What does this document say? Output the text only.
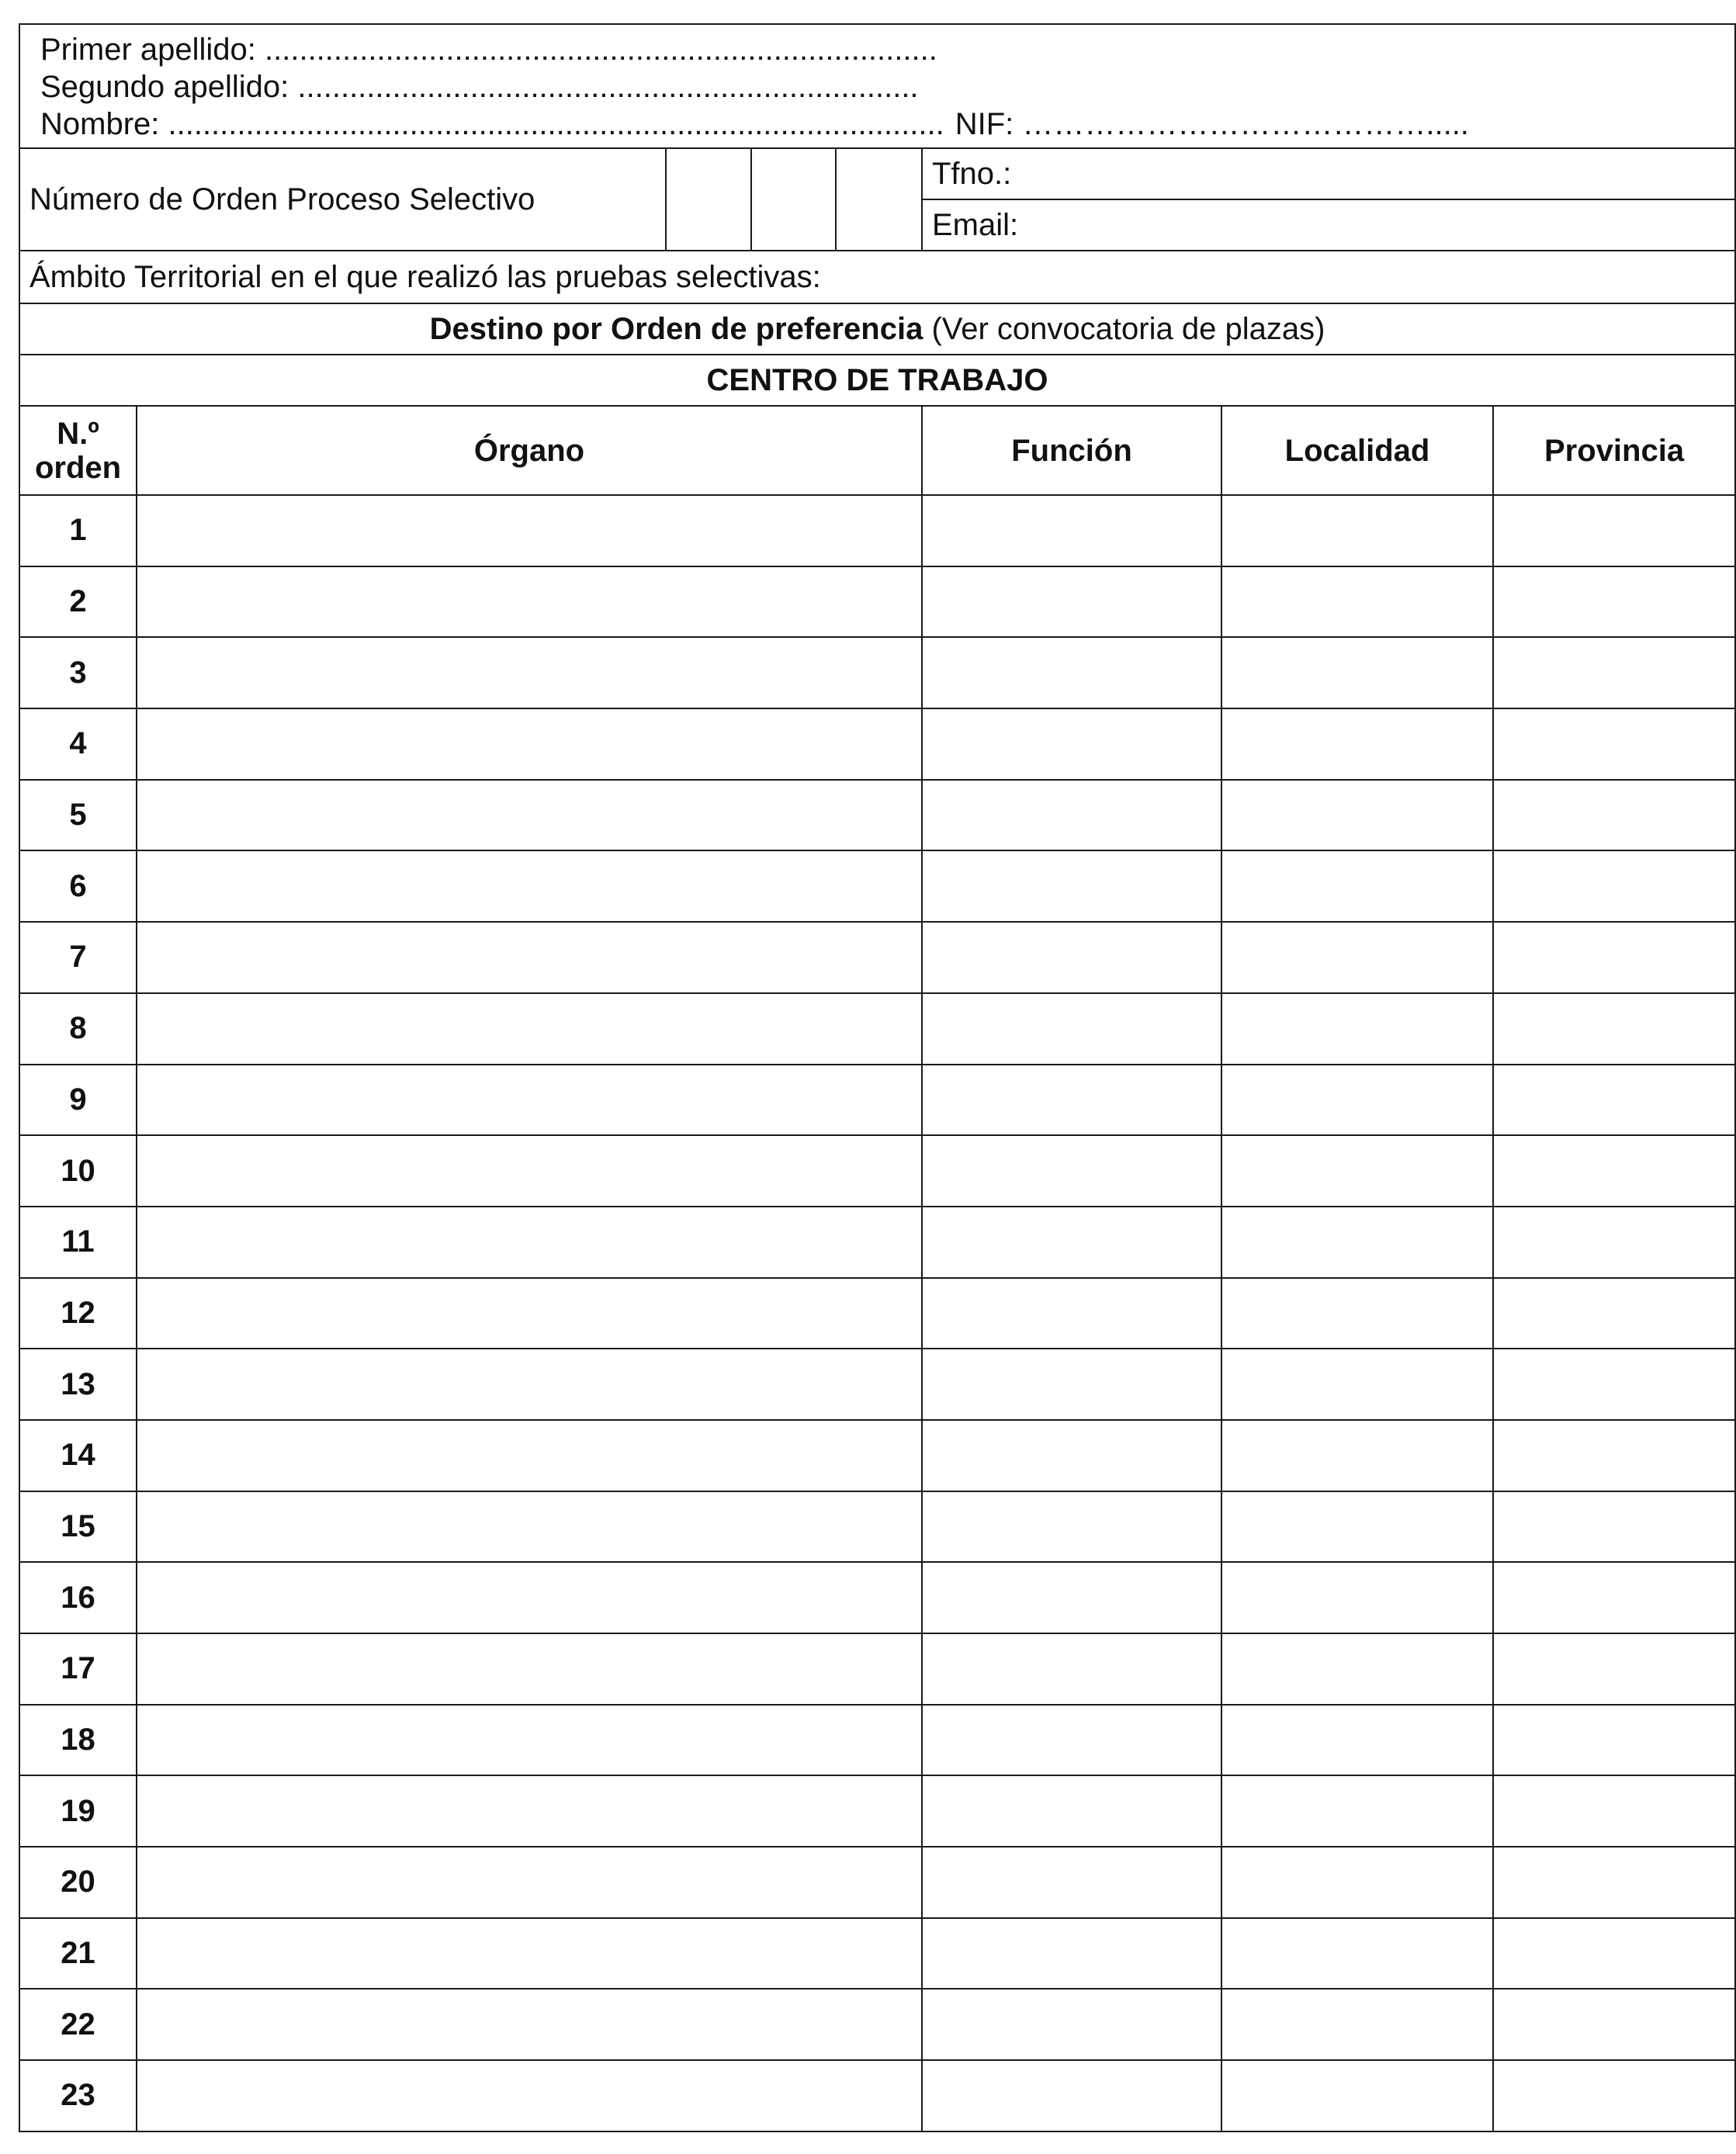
Primer apellido: ..............................................................................
Segundo apellido: ........................................................................
Nombre: .......................................................................................... NIF: ………………………………….....							

Número de Orden Proceso Selectivo					Tfno.:		
					Email:		
Ámbito Territorial en el que realizó las pruebas selectivas:							
Destino por Orden de preferencia (Ver convocatoria de plazas)							
CENTRO DE TRABAJO							

N.º
orden	Órgano				Función	Localidad	Provincia
1							
2							
3							
4							
5							
6							
7							
8							
9							
10							
11							
12							
13							
14							
15							
16							
17							
18							
19							
20							
21							
22							
23							
